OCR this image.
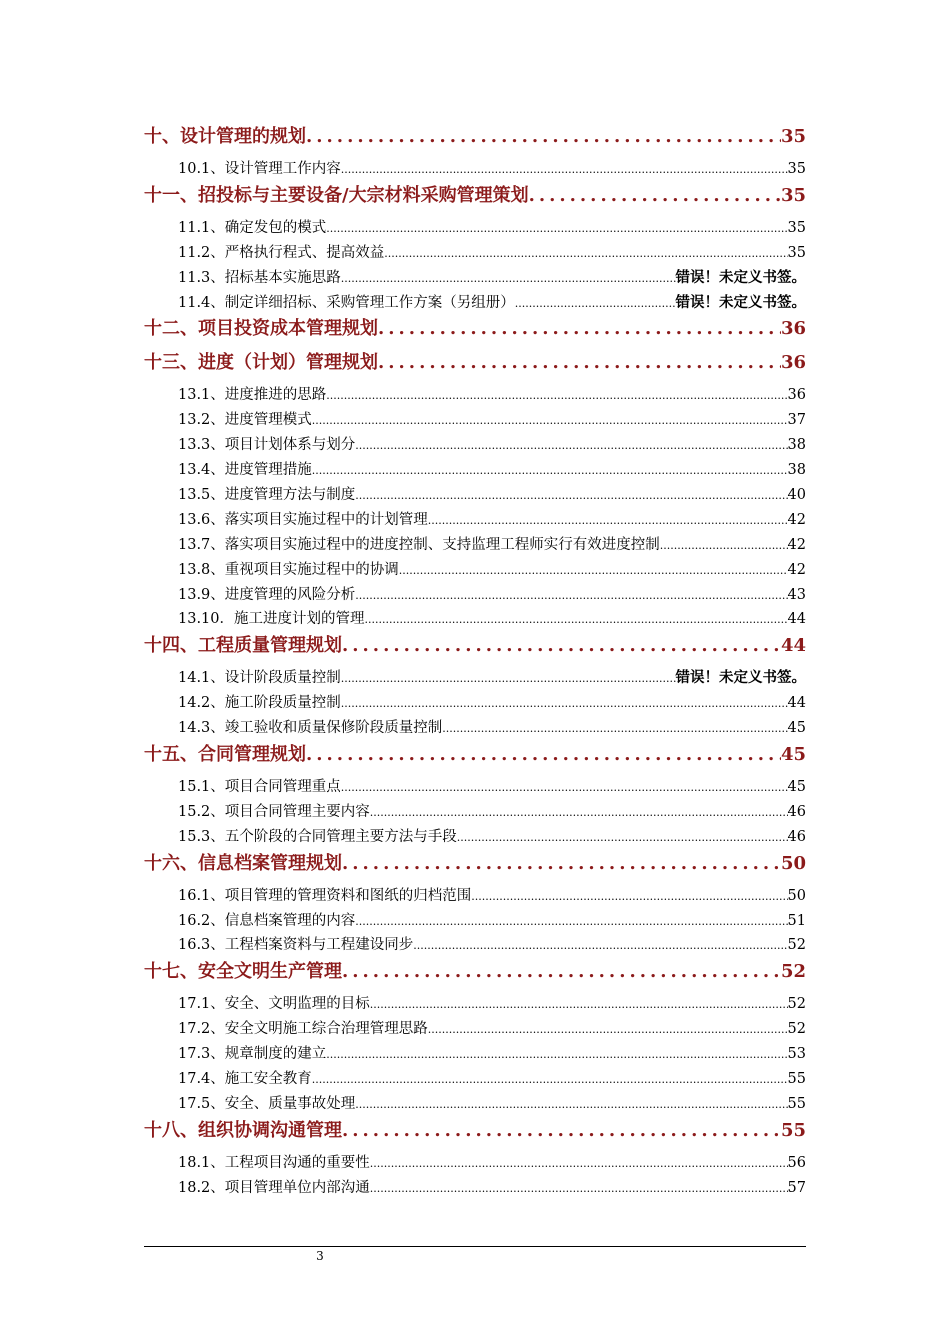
十、设计管理的规划 .....	35
10.1、设计管理工作内容 .....	35
十一、招投标与主要设备/大宗材料采购管理策划 .....	35
11.1、确定发包的模式 .....	35
11.2、严格执行程式、提高效益 .....	35
11.3、招标基本实施思路 .....	错误！未定义书签。
11.4、制定详细招标、采购管理工作方案（另组册） .....	错误！未定义书签。
十二、项目投资成本管理规划 .....	36
十三、进度（计划）管理规划 .....	36
13.1、进度推进的思路 .....	36
13.2、进度管理模式 .....	37
13.3、项目计划体系与划分 .....	38
13.4、进度管理措施 .....	38
13.5、进度管理方法与制度 .....	40
13.6、落实项目实施过程中的计划管理 .....	42
13.7、落实项目实施过程中的进度控制、支持监理工程师实行有效进度控制 .....	42
13.8、重视项目实施过程中的协调 .....	42
13.9、进度管理的风险分析 .....	43
13.10．施工进度计划的管理 .....	44
十四、工程质量管理规划 .....	44
14.1、设计阶段质量控制 .....	错误！未定义书签。
14.2、施工阶段质量控制 .....	44
14.3、竣工验收和质量保修阶段质量控制 .....	45
十五、合同管理规划 .....	45
15.1、项目合同管理重点 .....	45
15.2、项目合同管理主要内容 .....	46
15.3、五个阶段的合同管理主要方法与手段 .....	46
十六、信息档案管理规划 .....	50
16.1、项目管理的管理资料和图纸的归档范围 .....	50
16.2、信息档案管理的内容 .....	51
16.3、工程档案资料与工程建设同步 .....	52
十七、安全文明生产管理 .....	52
17.1、安全、文明监理的目标 .....	52
17.2、安全文明施工综合治理管理思路 .....	52
17.3、规章制度的建立 .....	53
17.4、施工安全教育 .....	55
17.5、安全、质量事故处理 .....	55
十八、组织协调沟通管理 .....	55
18.1、工程项目沟通的重要性 .....	56
18.2、项目管理单位内部沟通 .....	57
3
